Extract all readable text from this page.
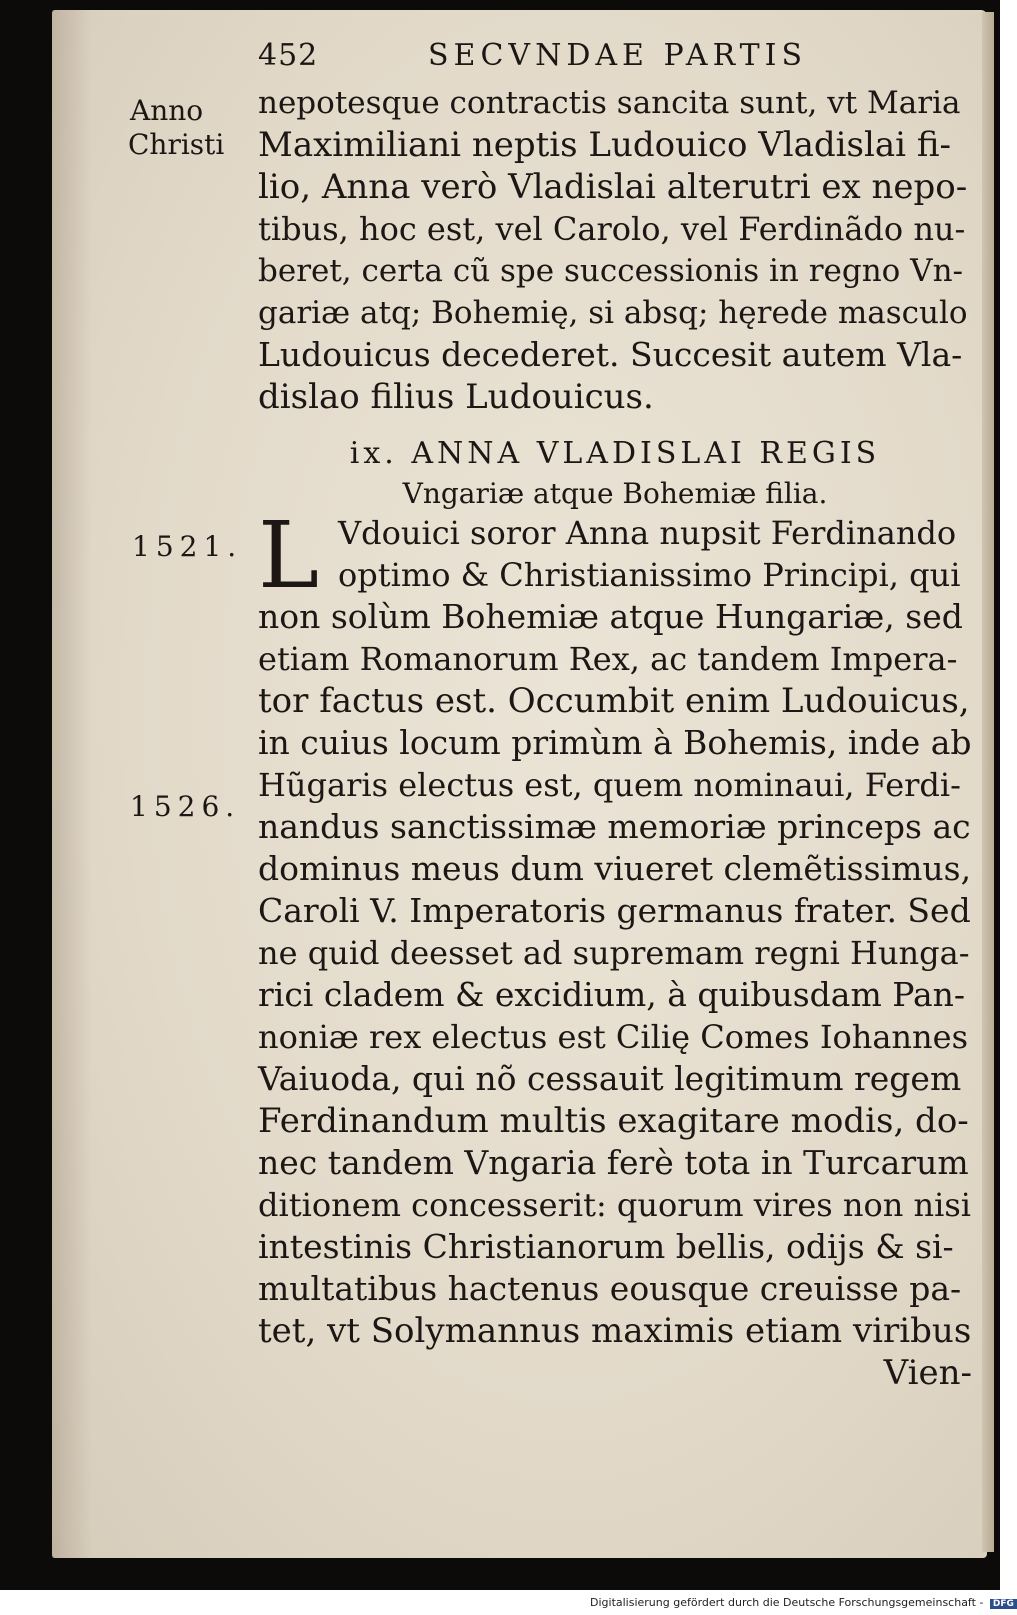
452	SECVNDAE PARTIS
Anno
Christi
1521.
1526.
nepotesque contractis sancita sunt, vt Maria
Maximiliani neptis Ludouico Vladislai fi-
lio, Anna verò Vladislai alterutri ex nepo-
tibus, hoc est, vel Carolo, vel Ferdinãdo nu-
beret, certa cũ spe successionis in regno Vn-
gariæ atq; Bohemię, si absq; hęrede masculo
Ludouicus decederet. Succesit autem Vla-
dislao filius Ludouicus.
ix. ANNA VLADISLAI REGIS
Vngariæ atque Bohemiæ filia.
L Vdouici soror Anna nupsit Ferdinando
optimo & Christianissimo Principi, qui
non solùm Bohemiæ atque Hungariæ, sed
etiam Romanorum Rex, ac tandem Impera-
tor factus est. Occumbit enim Ludouicus,
in cuius locum primùm à Bohemis, inde ab
Hũgaris electus est, quem nominaui, Ferdi-
nandus sanctissimæ memoriæ princeps ac
dominus meus dum viueret clemẽtissimus,
Caroli V. Imperatoris germanus frater. Sed
ne quid deesset ad supremam regni Hunga-
rici cladem & excidium, à quibusdam Pan-
noniæ rex electus est Cilię Comes Iohannes
Vaiuoda, qui nõ cessauit legitimum regem
Ferdinandum multis exagitare modis, do-
nec tandem Vngaria ferè tota in Turcarum
ditionem concesserit: quorum vires non nisi
intestinis Christianorum bellis, odijs & si-
multatibus hactenus eousque creuisse pa-
tet, vt Solymannus maximis etiam viribus
Vien-
Digitalisierung gefördert durch die Deutsche Forschungsgemeinschaft - DFG
